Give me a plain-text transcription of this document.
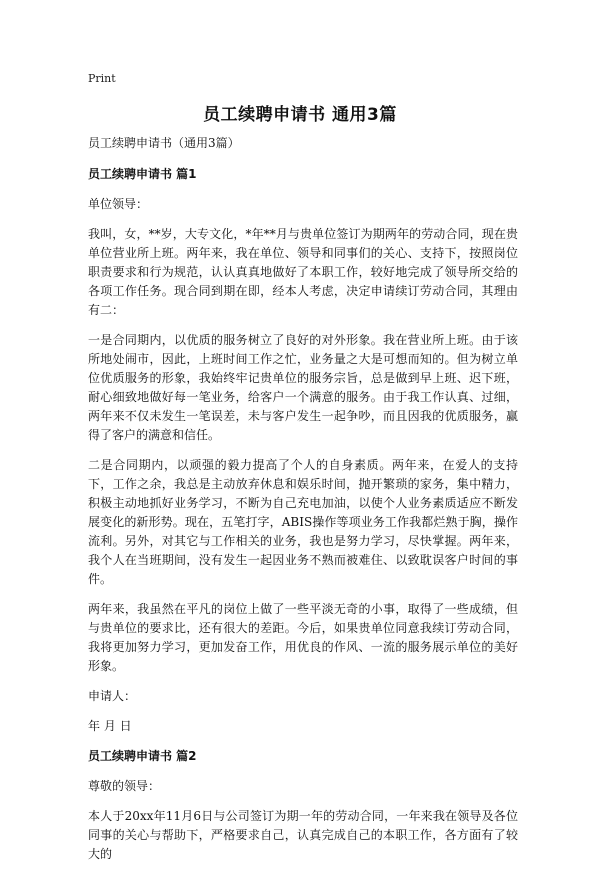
Print
员工续聘申请书 通用3篇

员工续聘申请书（通用3篇）

员工续聘申请书 篇1

单位领导：

我叫，女，**岁，大专文化，*年**月与贵单位签订为期两年的劳动合同，现在贵单位营业所上班。两年来，我在单位、领导和同事们的关心、支持下，按照岗位职责要求和行为规范，认认真真地做好了本职工作，较好地完成了领导所交给的各项工作任务。现合同到期在即，经本人考虑，决定申请续订劳动合同，其理由有二：

一是合同期内，以优质的服务树立了良好的对外形象。我在营业所上班。由于该所地处闹市，因此，上班时间工作之忙，业务量之大是可想而知的。但为树立单位优质服务的形象，我始终牢记贵单位的服务宗旨，总是做到早上班、迟下班，耐心细致地做好每一笔业务，给客户一个满意的服务。由于我工作认真、过细，两年来不仅未发生一笔误差，未与客户发生一起争吵，而且因我的优质服务，赢得了客户的满意和信任。

二是合同期内，以顽强的毅力提高了个人的自身素质。两年来，在爱人的支持下，工作之余，我总是主动放弃休息和娱乐时间，抛开繁琐的家务，集中精力，积极主动地抓好业务学习，不断为自己充电加油，以使个人业务素质适应不断发展变化的新形势。现在，五笔打字，ABIS操作等项业务工作我都烂熟于胸，操作流利。另外，对其它与工作相关的业务，我也是努力学习，尽快掌握。两年来，我个人在当班期间，没有发生一起因业务不熟而被难住、以致耽误客户时间的事件。

两年来，我虽然在平凡的岗位上做了一些平淡无奇的小事，取得了一些成绩，但与贵单位的要求比，还有很大的差距。今后，如果贵单位同意我续订劳动合同，我将更加努力学习，更加发奋工作，用优良的作风、一流的服务展示单位的美好形象。

申请人：

年 月 日

员工续聘申请书 篇2

尊敬的领导：

本人于20xx年11月6日与公司签订为期一年的劳动合同，一年来我在领导及各位同事的关心与帮助下，严格要求自己，认真完成自己的本职工作，各方面有了较大的
